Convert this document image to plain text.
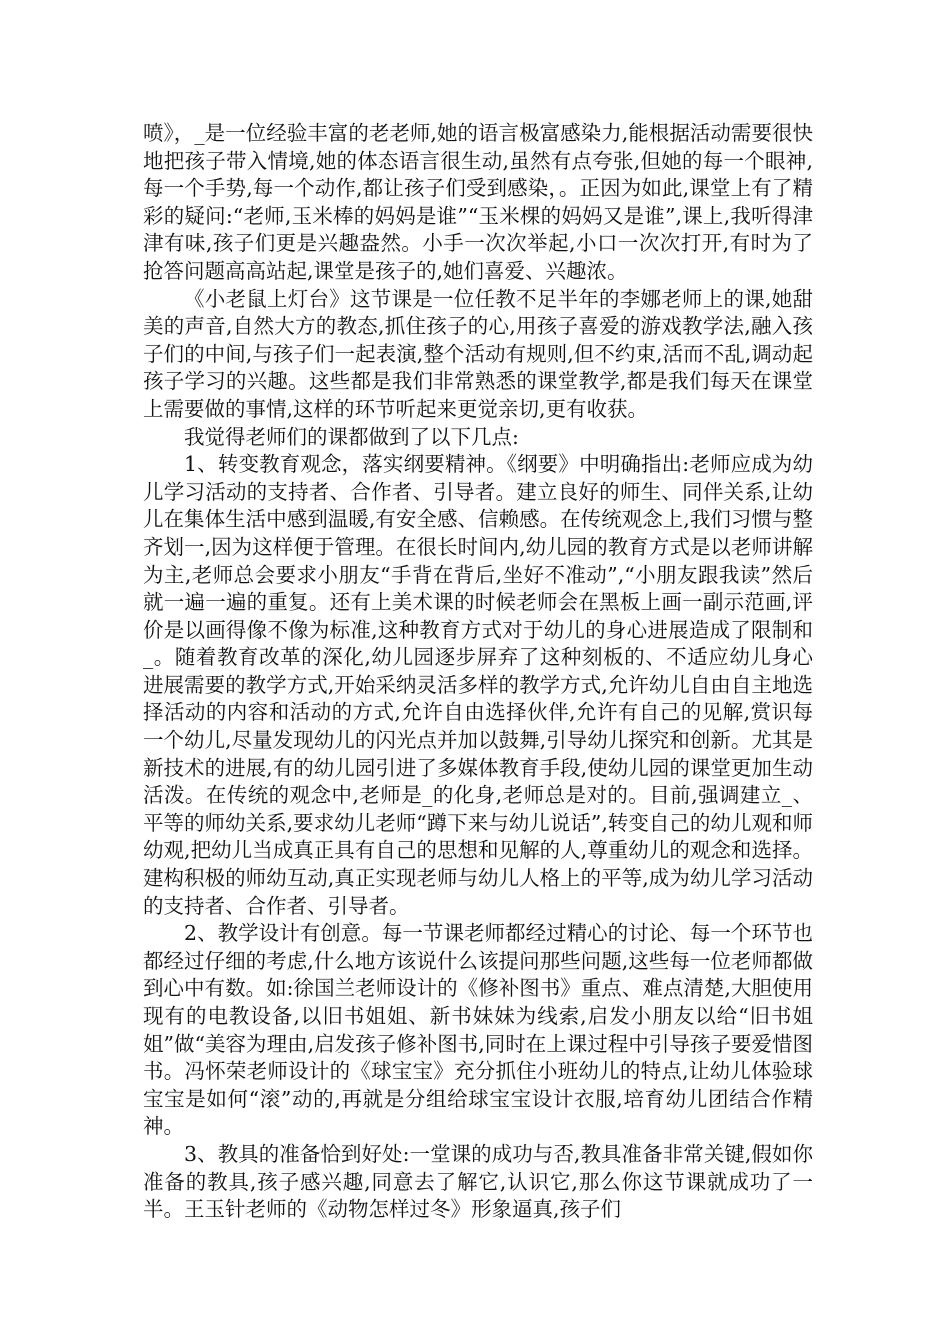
喷》，_是一位经验丰富的老老师,她的语言极富感染力,能根据活动需要很快地把孩子带入情境,她的体态语言很生动,虽然有点夸张,但她的每一个眼神,每一个手势,每一个动作,都让孩子们受到感染，。正因为如此,课堂上有了精彩的疑问:“老师,玉米棒的妈妈是谁”“玉米棵的妈妈又是谁”,课上,我听得津津有味,孩子们更是兴趣盎然。小手一次次举起,小口一次次打开,有时为了抢答问题高高站起,课堂是孩子的,她们喜爱、兴趣浓。

《小老鼠上灯台》这节课是一位任教不足半年的李娜老师上的课,她甜美的声音,自然大方的教态,抓住孩子的心,用孩子喜爱的游戏教学法,融入孩子们的中间,与孩子们一起表演,整个活动有规则,但不约束,活而不乱,调动起孩子学习的兴趣。这些都是我们非常熟悉的课堂教学,都是我们每天在课堂上需要做的事情,这样的环节听起来更觉亲切,更有收获。

我觉得老师们的课都做到了以下几点:

1、转变教育观念，落实纲要精神。《纲要》中明确指出:老师应成为幼儿学习活动的支持者、合作者、引导者。建立良好的师生、同伴关系,让幼儿在集体生活中感到温暖,有安全感、信赖感。在传统观念上,我们习惯与整齐划一,因为这样便于管理。在很长时间内,幼儿园的教育方式是以老师讲解为主,老师总会要求小朋友“手背在背后,坐好不准动”,“小朋友跟我读”然后就一遍一遍的重复。还有上美术课的时候老师会在黑板上画一副示范画,评价是以画得像不像为标准,这种教育方式对于幼儿的身心进展造成了限制和_。随着教育改革的深化,幼儿园逐步屏弃了这种刻板的、不适应幼儿身心进展需要的教学方式,开始采纳灵活多样的教学方式,允许幼儿自由自主地选择活动的内容和活动的方式,允许自由选择伙伴,允许有自己的见解,赏识每一个幼儿,尽量发现幼儿的闪光点并加以鼓舞,引导幼儿探究和创新。尤其是新技术的进展,有的幼儿园引进了多媒体教育手段,使幼儿园的课堂更加生动活泼。在传统的观念中,老师是_的化身,老师总是对的。目前,强调建立_、平等的师幼关系,要求幼儿老师“蹲下来与幼儿说话”,转变自己的幼儿观和师幼观,把幼儿当成真正具有自己的思想和见解的人,尊重幼儿的观念和选择。建构积极的师幼互动,真正实现老师与幼儿人格上的平等,成为幼儿学习活动的支持者、合作者、引导者。

2、教学设计有创意。每一节课老师都经过精心的讨论、每一个环节也都经过仔细的考虑,什么地方该说什么该提问那些问题,这些每一位老师都做到心中有数。如:徐国兰老师设计的《修补图书》重点、难点清楚,大胆使用现有的电教设备,以旧书姐姐、新书妹妹为线索,启发小朋友以给“旧书姐姐”做“美容为理由,启发孩子修补图书,同时在上课过程中引导孩子要爱惜图书。冯怀荣老师设计的《球宝宝》充分抓住小班幼儿的特点,让幼儿体验球宝宝是如何“滚”动的,再就是分组给球宝宝设计衣服,培育幼儿团结合作精神。

3、教具的准备恰到好处:一堂课的成功与否,教具准备非常关键,假如你准备的教具,孩子感兴趣,同意去了解它,认识它,那么你这节课就成功了一半。王玉针老师的《动物怎样过冬》形象逼真,孩子们
